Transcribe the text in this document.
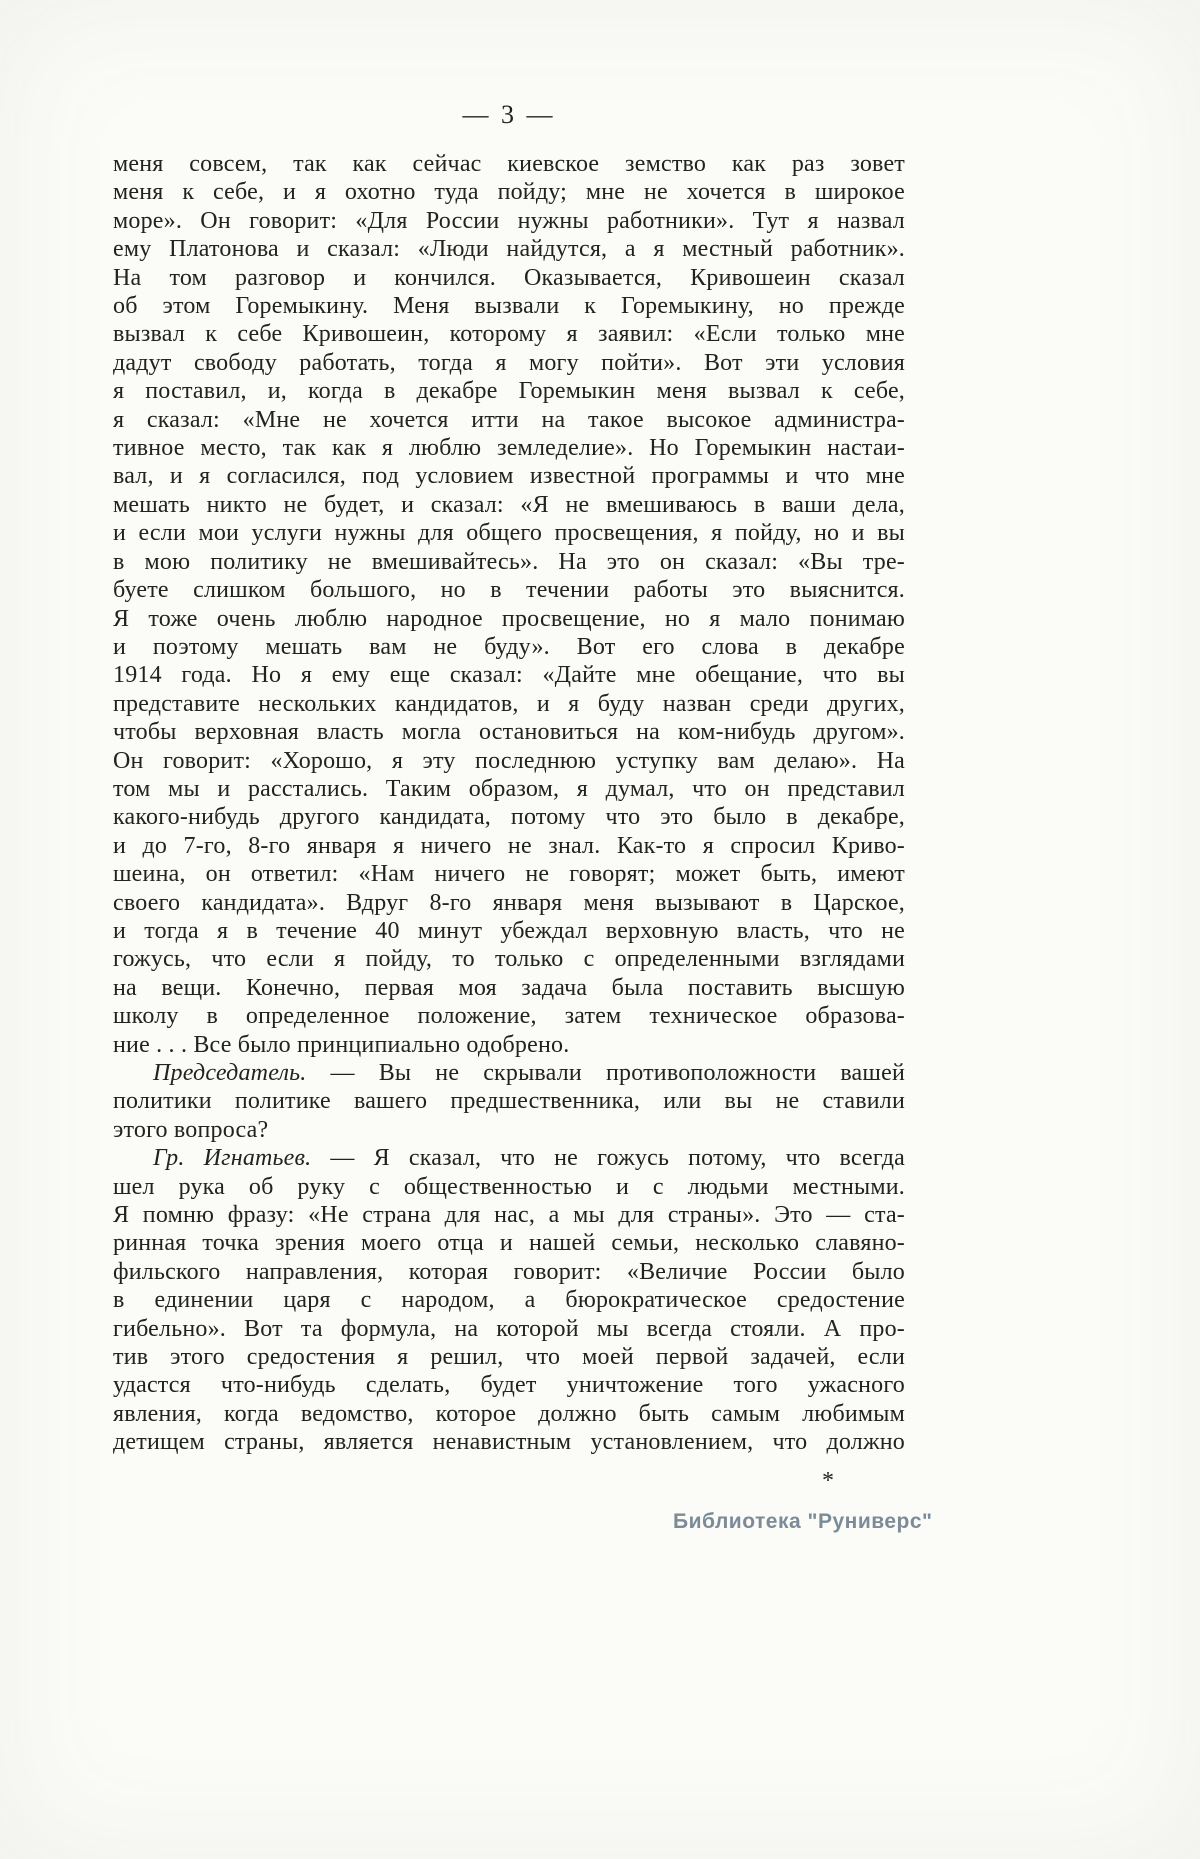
— 3 —
меня совсем, так как сейчас киевское земство как раз зовет
меня к себе, и я охотно туда пойду; мне не хочется в широкое
море». Он говорит: «Для России нужны работники». Тут я назвал
ему Платонова и сказал: «Люди найдутся, а я местный работник».
На том разговор и кончился. Оказывается, Кривошеин сказал
об этом Горемыкину. Меня вызвали к Горемыкину, но прежде
вызвал к себе Кривошеин, которому я заявил: «Если только мне
дадут свободу работать, тогда я могу пойти». Вот эти условия
я поставил, и, когда в декабре Горемыкин меня вызвал к себе,
я сказал: «Мне не хочется итти на такое высокое администра-
тивное место, так как я люблю земледелие». Но Горемыкин настаи-
вал, и я согласился, под условием известной программы и что мне
мешать никто не будет, и сказал: «Я не вмешиваюсь в ваши дела,
и если мои услуги нужны для общего просвещения, я пойду, но и вы
в мою политику не вмешивайтесь». На это он сказал: «Вы тре-
буете слишком большого, но в течении работы это выяснится.
Я тоже очень люблю народное просвещение, но я мало понимаю
и поэтому мешать вам не буду». Вот его слова в декабре
1914 года. Но я ему еще сказал: «Дайте мне обещание, что вы
представите нескольких кандидатов, и я буду назван среди других,
чтобы верховная власть могла остановиться на ком-нибудь другом».
Он говорит: «Хорошо, я эту последнюю уступку вам делаю». На
том мы и расстались. Таким образом, я думал, что он представил
какого-нибудь другого кандидата, потому что это было в декабре,
и до 7-го, 8-го января я ничего не знал. Как-то я спросил Криво-
шеина, он ответил: «Нам ничего не говорят; может быть, имеют
своего кандидата». Вдруг 8-го января меня вызывают в Царское,
и тогда я в течение 40 минут убеждал верховную власть, что не
гожусь, что если я пойду, то только с определенными взглядами
на вещи. Конечно, первая моя задача была поставить высшую
школу в определенное положение, затем техническое образова-
ние . . . Все было принципиально одобрено.
Председатель. — Вы не скрывали противоположности вашей
политики политике вашего предшественника, или вы не ставили
этого вопроса?
Гр. Игнатьев. — Я сказал, что не гожусь потому, что всегда
шел рука об руку с общественностью и с людьми местными.
Я помню фразу: «Не страна для нас, а мы для страны». Это — ста-
ринная точка зрения моего отца и нашей семьи, несколько славяно-
фильского направления, которая говорит: «Величие России было
в единении царя с народом, а бюрократическое средостение
гибельно». Вот та формула, на которой мы всегда стояли. А про-
тив этого средостения я решил, что моей первой задачей, если
удастся что-нибудь сделать, будет уничтожение того ужасного
явления, когда ведомство, которое должно быть самым любимым
детищем страны, является ненавистным установлением, что должно
*
Библиотека "Руниверс"
